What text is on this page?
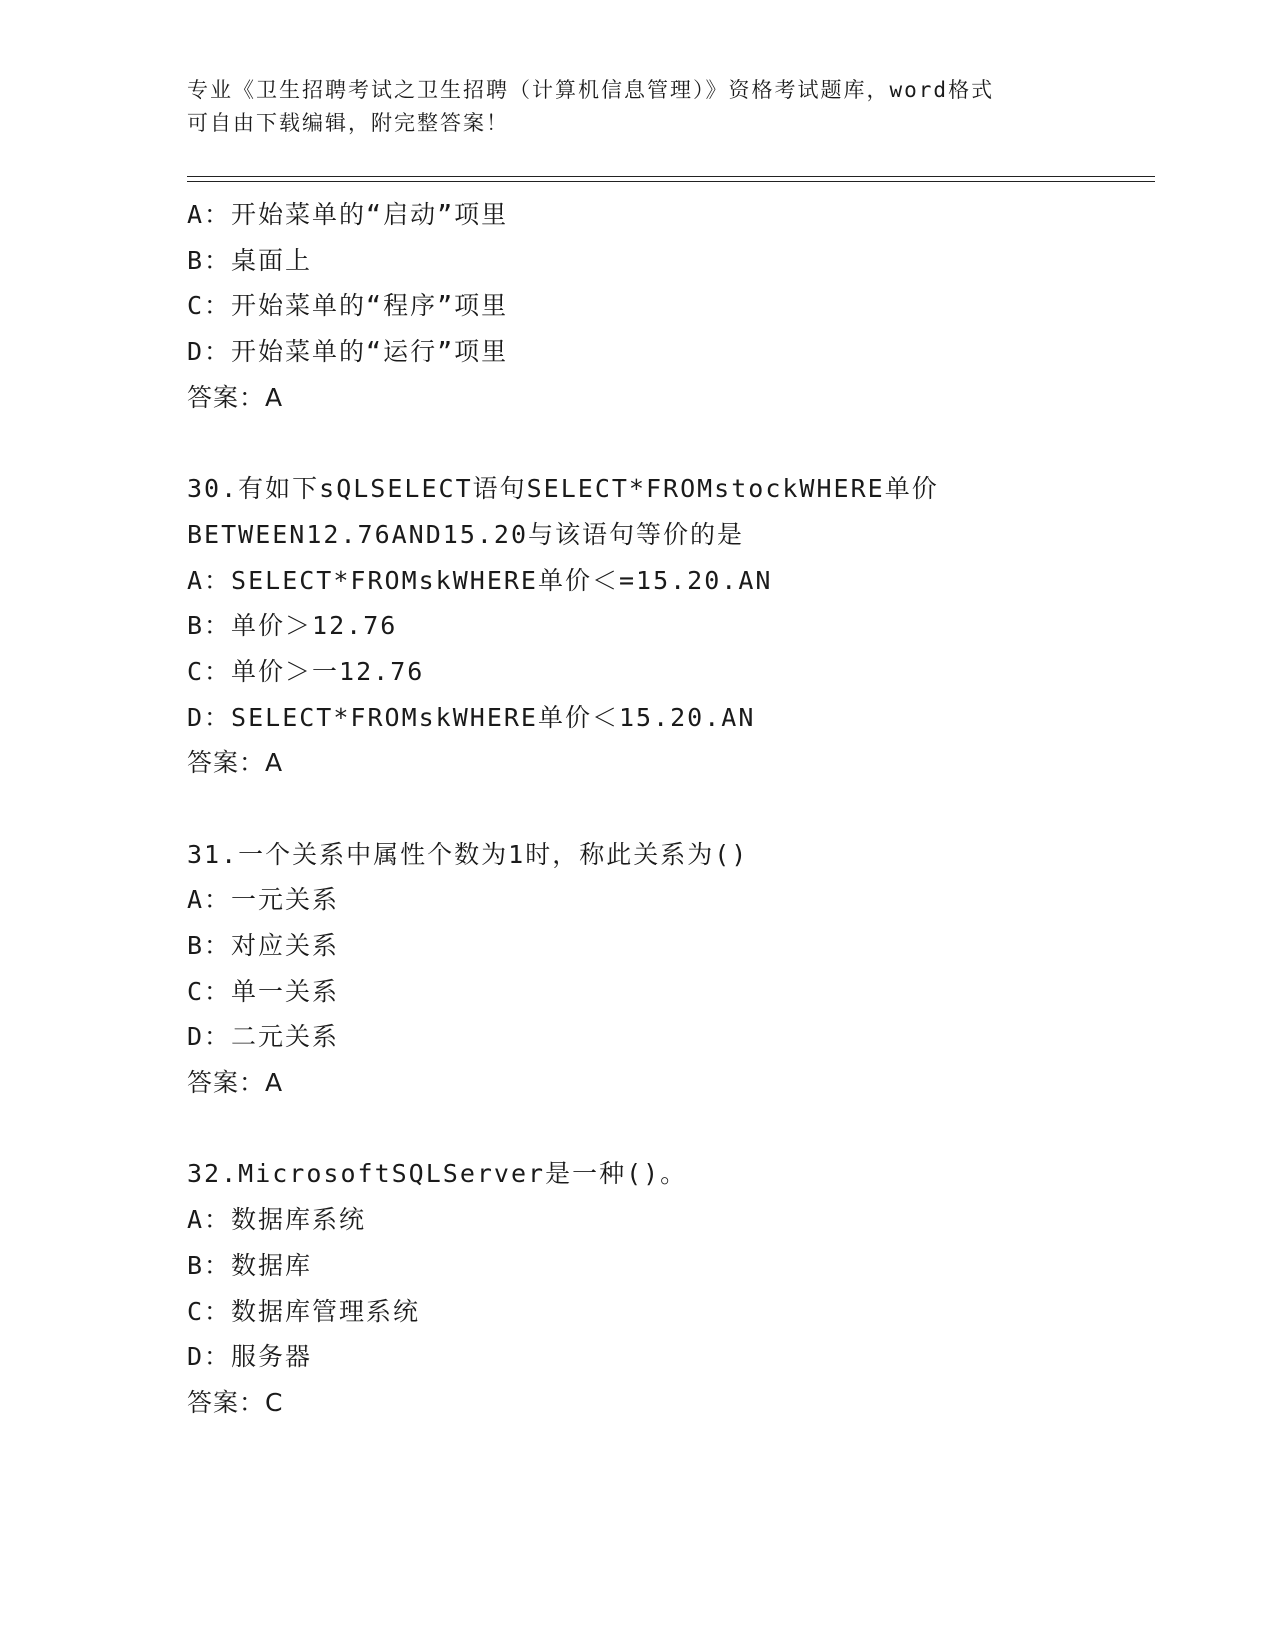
专业《卫生招聘考试之卫生招聘（计算机信息管理）》资格考试题库，word格式
可自由下载编辑，附完整答案！
A：开始菜单的“启动”项里
B：桌面上
C：开始菜单的“程序”项里
D：开始菜单的“运行”项里
答案：A
30.有如下sQLSELECT语句SELECT*FROMstockWHERE单价
BETWEEN12.76AND15.20与该语句等价的是
A：SELECT*FROMskWHERE单价＜=15.20.AN
B：单价＞12.76
C：单价＞一12.76
D：SELECT*FROMskWHERE单价＜15.20.AN
答案：A
31.一个关系中属性个数为1时，称此关系为()
A：一元关系
B：对应关系
C：单一关系
D：二元关系
答案：A
32.MicrosoftSQLServer是一种()。
A：数据库系统
B：数据库
C：数据库管理系统
D：服务器
答案：C
